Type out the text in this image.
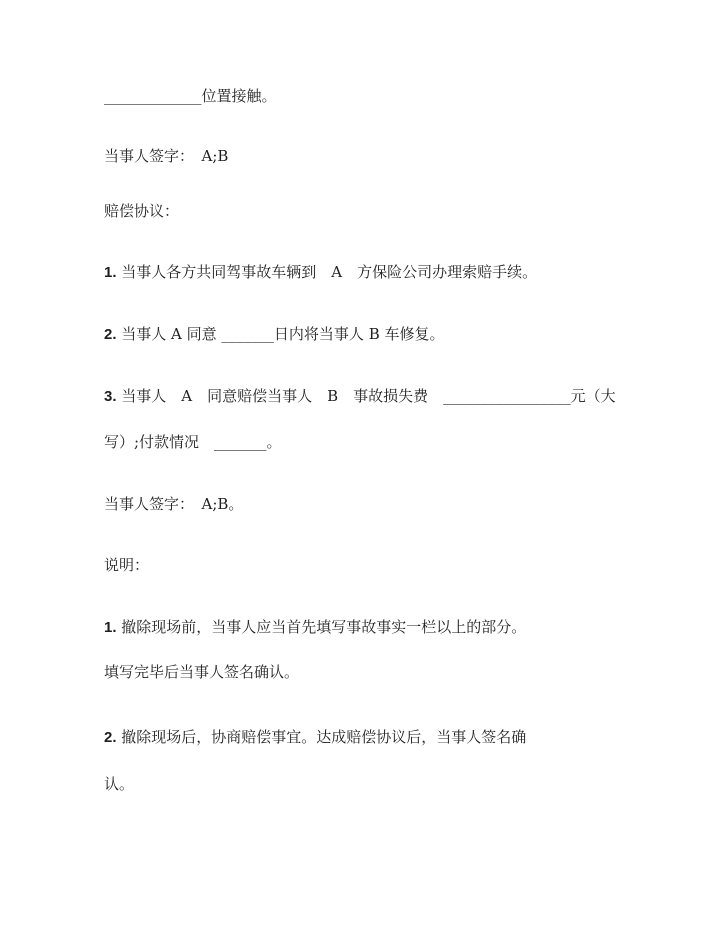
_____________位置接触。
当事人签字：　A;B
赔偿协议：
1. 当事人各方共同驾事故车辆到　A　方保险公司办理索赔手续。
2. 当事人 A 同意 _______日内将当事人 B 车修复。
3. 当事人　A　同意赔偿当事人　B　事故损失费　_________________元（大
写）;付款情况　_______。
当事人签字：　A;B。
说明：
1. 撤除现场前，当事人应当首先填写事故事实一栏以上的部分。
填写完毕后当事人签名确认。
2. 撤除现场后，协商赔偿事宜。达成赔偿协议后，当事人签名确
认。
